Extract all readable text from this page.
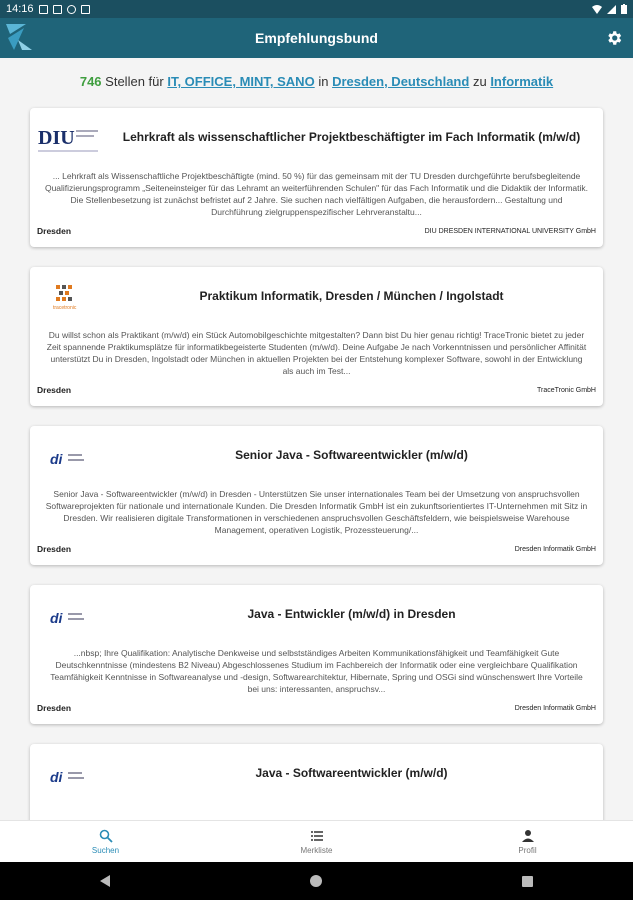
14:16
Empfehlungsbund
746 Stellen für IT, OFFICE, MINT, SANO in Dresden, Deutschland zu Informatik
DIU	Lehrkraft als wissenschaftlicher Projektbeschäftigter im Fach Informatik (m/w/d)
... Lehrkraft als Wissenschaftliche Projektbeschäftigte (mind. 50 %) für das gemeinsam mit der TU Dresden durchgeführte berufsbegleitende Qualifizierungsprogramm „Seiteneinsteiger für das Lehramt an weiterführenden Schulen" für das Fach Informatik und die Didaktik der Informatik. Die Stellenbesetzung ist zunächst befristet auf 2 Jahre. Sie suchen nach vielfältigen Aufgaben, die herausfordern... Gestaltung und Durchführung zielgruppenspezifischer Lehrveranstaltu...
Dresden	DIU DRESDEN INTERNATIONAL UNIVERSITY GmbH
tracetronic
Praktikum Informatik, Dresden / München / Ingolstadt
Du willst schon als Praktikant (m/w/d) ein Stück Automobilgeschichte mitgestalten? Dann bist Du hier genau richtig! TraceTronic bietet zu jeder Zeit spannende Praktikumsplätze für informatikbegeisterte Studenten (m/w/d). Deine Aufgabe Je nach Vorkenntnissen und persönlicher Affinität unterstützt Du in Dresden, Ingolstadt oder München in aktuellen Projekten bei der Entstehung komplexer Software, sowohl in der Entwicklung als auch im Test...
Dresden	TraceTronic GmbH
di	Senior Java - Softwareentwickler (m/w/d)
Senior Java - Softwareentwickler (m/w/d) in Dresden - Unterstützen Sie unser internationales Team bei der Umsetzung von anspruchsvollen Softwareprojekten für nationale und internationale Kunden. Die Dresden Informatik GmbH ist ein zukunftsorientiertes IT-Unternehmen mit Sitz in Dresden. Wir realisieren digitale Transformationen in verschiedenen anspruchsvollen Geschäftsfeldern, wie beispielsweise Warehouse Management, operativen Logistik, Prozessteuerung/...
Dresden	Dresden Informatik GmbH
di	Java - Entwickler (m/w/d) in Dresden
...nbsp; Ihre Qualifikation: Analytische Denkweise und selbstständiges Arbeiten Kommunikationsfähigkeit und Teamfähigkeit Gute Deutschkenntnisse (mindestens B2 Niveau) Abgeschlossenes Studium im Fachbereich der Informatik oder eine vergleichbare Qualifikation Teamfähigkeit Kenntnisse in Softwareanalyse und -design, Softwarearchitektur, Hibernate, Spring und OSGi sind wünschenswert Ihre Vorteile bei uns: interessanten, anspruchsv...
Dresden	Dresden Informatik GmbH
di	Java - Softwareentwickler (m/w/d)
Suchen	Merkliste	Profil
